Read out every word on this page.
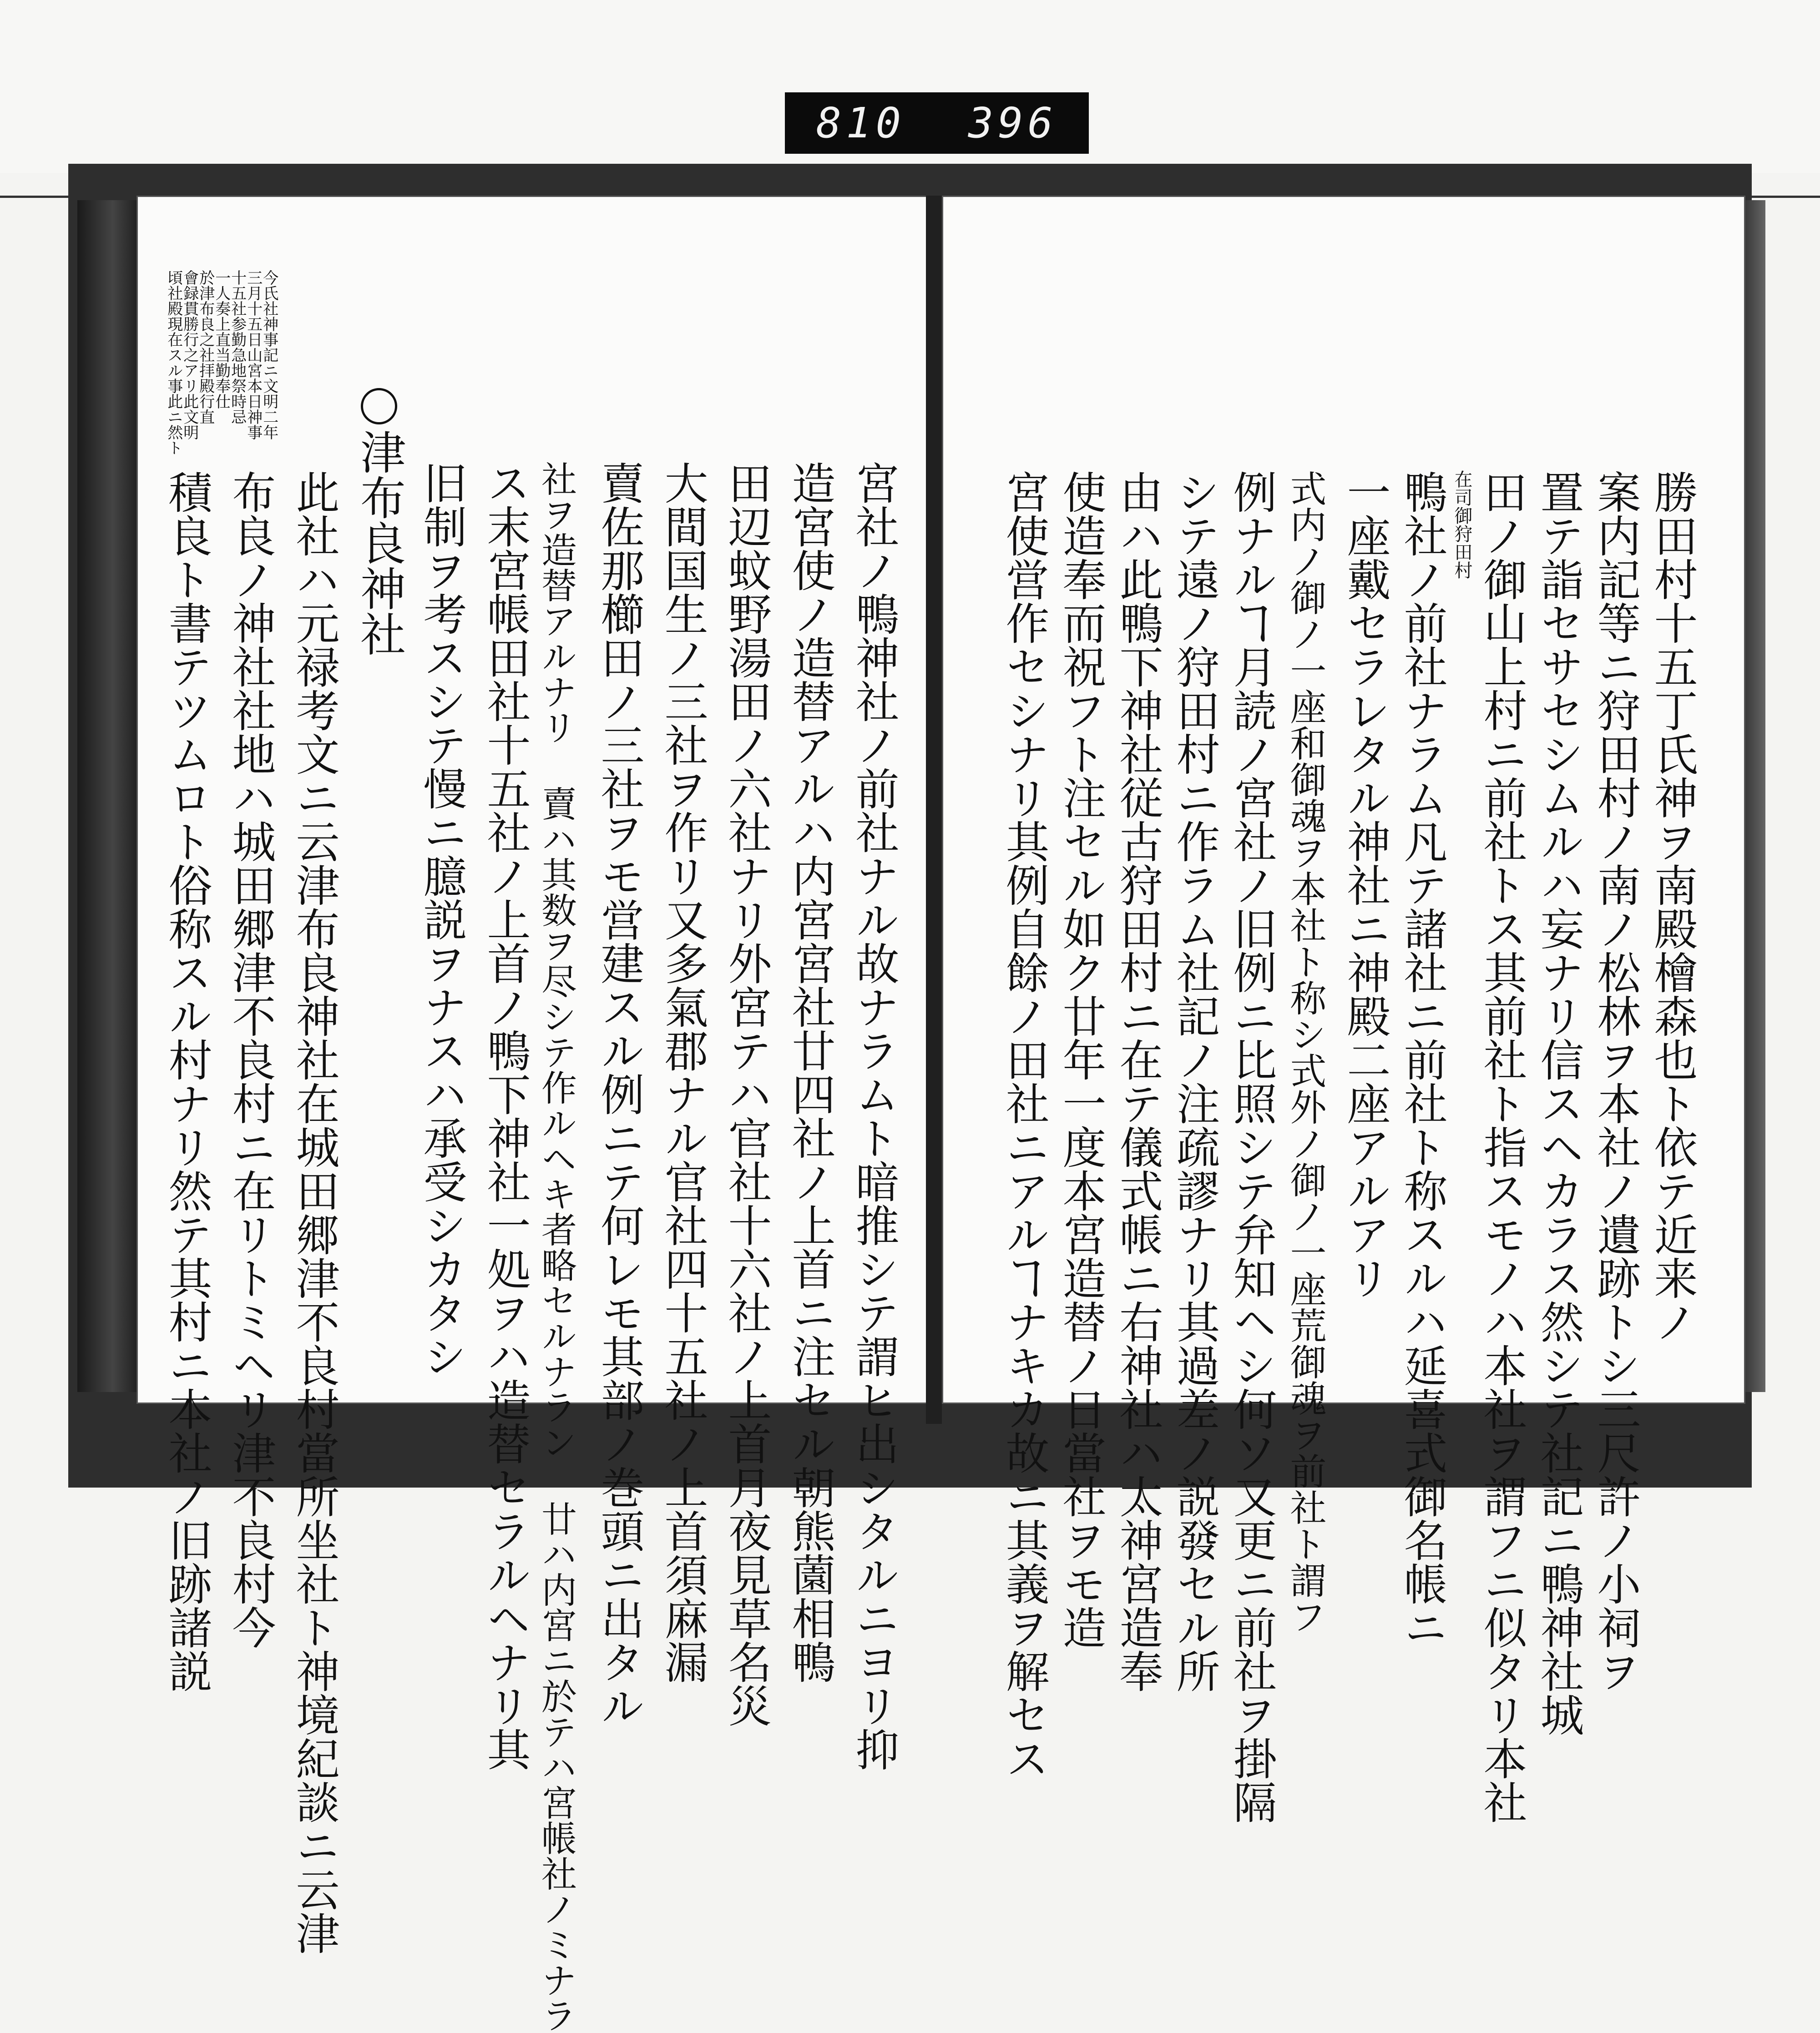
810 396
頃社殿現在スル事此ニ然ト
會録貫勝行之アリ此文明
於津布良之社拝殿行直
一人奏上直当勤奉仕
十五社参勤急地祭時忌
三月十五日山宮本日神事
今氏社神事記ニ文明二年
積良ト書テツムロト俗称スル村ナリ然テ其村ニ本社ノ旧跡諸説 布良ノ神社社地ハ城田郷津不良村ニ在リトミヘリ津不良村今 此社ハ元禄考文ニ云津布良神社在城田郷津不良村當所坐社ト神境紀談ニ云津 津布良神社 旧制ヲ考スシテ慢ニ臆説ヲナスハ承受シカタシ ス末宮帳田社十五社ノ上首ノ鴨下神社一処ヲハ造替セラルヘナリ其 社ヲ造替アルナリ 賣ハ其数ヲ尽シテ作ルヘキ者略セルナラン 廿ハ内宮ニ於テハ宮帳社ノミナラ 賣佐那櫛田ノ三社ヲモ営建スル例ニテ何レモ其部ノ巻頭ニ出タル 大間国生ノ三社ヲ作リ又多氣郡ナル官社四十五社ノ上首須麻漏 田辺蚊野湯田ノ六社ナリ外宮テハ官社十六社ノ上首月夜見草名災 造宮使ノ造替アルハ内宮宮社廿四社ノ上首ニ注セル朝熊薗相鴨 宮社ノ鴨神社ノ前社ナル故ナラムト暗推シテ謂ヒ出シタルニヨリ抑 宮使営作セシナリ其例自餘ノ田社ニアルヿナキカ故ニ其義ヲ解セス 使造奉而祝フト注セル如ク廿年一度本宮造替ノ日當社ヲモ造 由ハ此鴨下神社従古狩田村ニ在テ儀式帳ニ右神社ハ太神宮造奉 シテ遠ノ狩田村ニ作ラム社記ノ注疏謬ナリ其過差ノ説發セル所 例ナルヿ月読ノ宮社ノ旧例ニ比照シテ弁知ヘシ何ソ又更ニ前社ヲ掛隔 式内ノ御ノ一座和御魂ヲ本社ト称シ式外ノ御ノ一座荒御魂ヲ前社ト謂フ 一座戴セラレタル神社ニ神殿二座アルアリ 鴨社ノ前社ナラム凡テ諸社ニ前社ト称スルハ延喜式御名帳ニ 在司御狩田村 田ノ御山上村ニ前社トス其前社ト指スモノハ本社ヲ謂フニ似タリ本社 置テ詣セサセシムルハ妄ナリ信スヘカラス然シテ社記ニ鴨神社城 案内記等ニ狩田村ノ南ノ松林ヲ本社ノ遺跡トシ三尺許ノ小祠ヲ 勝田村十五丁氏神ヲ南殿檜森也ト依テ近来ノ
